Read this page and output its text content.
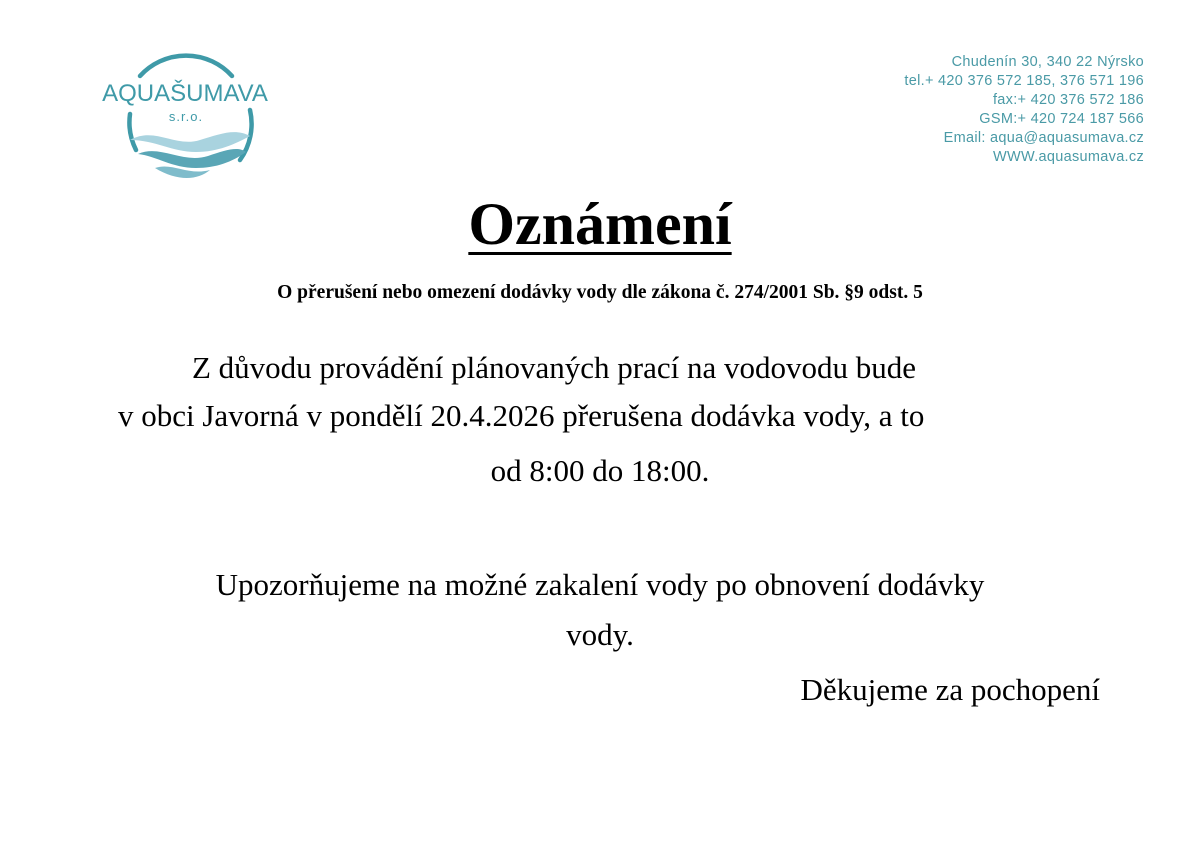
AQUAŠUMAVA
s.r.o.
Chudenín 30, 340 22 Nýrsko
tel.+ 420 376 572 185, 376 571 196
fax:+ 420 376 572 186
GSM:+ 420 724 187 566
Email: aqua@aquasumava.cz
WWW.aquasumava.cz
Oznámení
O přerušení nebo omezení dodávky vody dle zákona č. 274/2001 Sb. §9 odst. 5
Z důvodu provádění plánovaných prací na vodovodu bude
v obci Javorná v pondělí 20.4.2026 přerušena dodávka vody, a to
od 8:00 do 18:00.
Upozorňujeme na možné zakalení vody po obnovení dodávky
vody.
Děkujeme za pochopení
